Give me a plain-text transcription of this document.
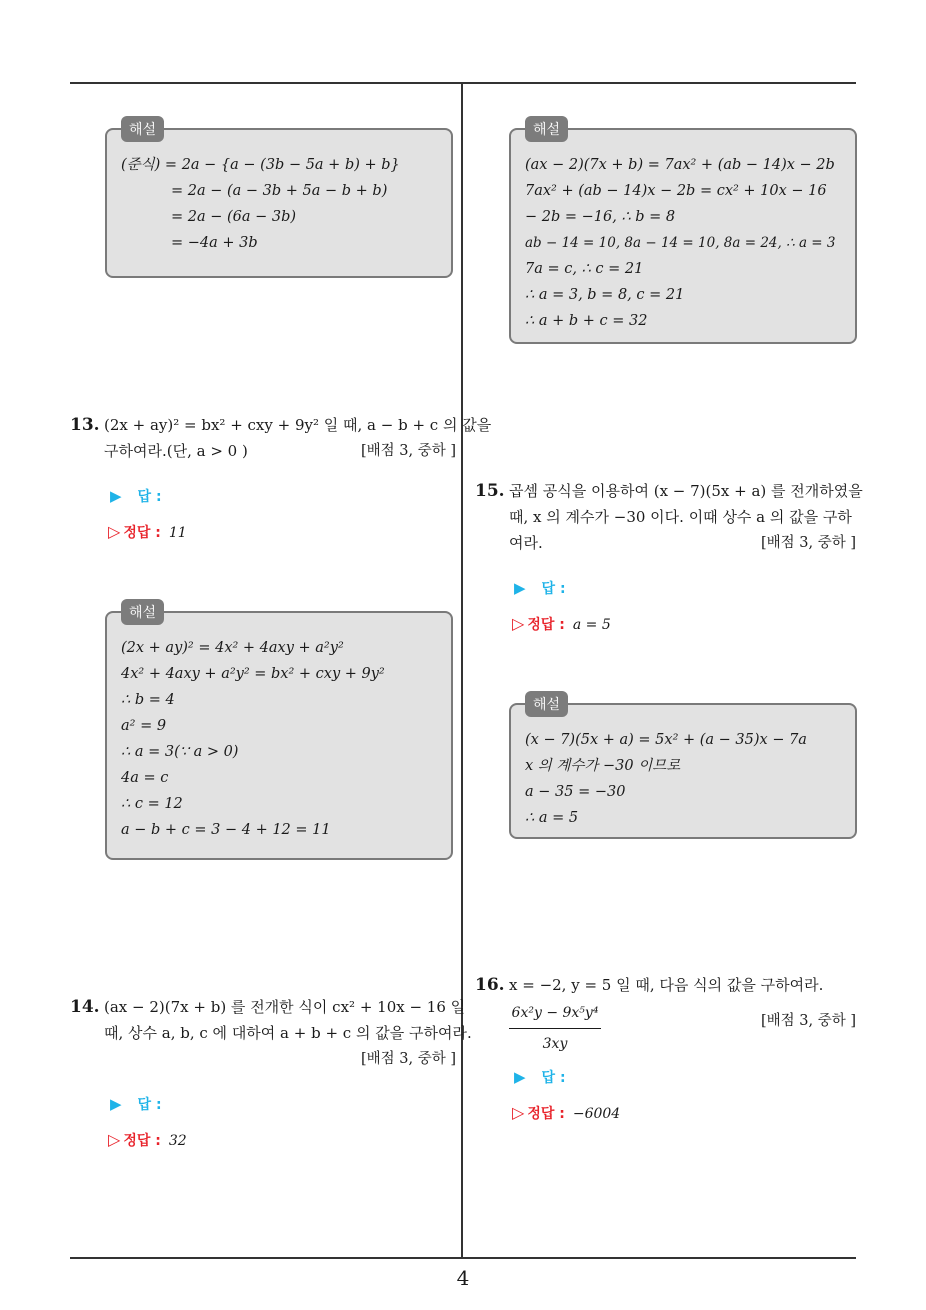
해설
(준식) = 2a − {a − (3b − 5a + b) + b}
= 2a − (a − 3b + 5a − b + b)
= 2a − (6a − 3b)
= −4a + 3b
13. (2x + ay)² = bx² + cxy + 9y² 일 때, a − b + c 의 값을
구하여라.(단, a > 0 )	[배점 3, 중하 ]
▶ 답 :
▷ 정답 : 11
해설
(2x + ay)² = 4x² + 4axy + a²y²
4x² + 4axy + a²y² = bx² + cxy + 9y²
∴ b = 4
a² = 9
∴ a = 3(∵ a > 0)
4a = c
∴ c = 12
a − b + c = 3 − 4 + 12 = 11
14. (ax − 2)(7x + b) 를 전개한 식이 cx² + 10x − 16 일
때, 상수 a, b, c 에 대하여 a + b + c 의 값을 구하여라.
[배점 3, 중하 ]
▶ 답 :
▷ 정답 : 32
해설
(ax − 2)(7x + b) = 7ax² + (ab − 14)x − 2b
7ax² + (ab − 14)x − 2b = cx² + 10x − 16
− 2b = −16, ∴ b = 8
ab − 14 = 10, 8a − 14 = 10, 8a = 24, ∴ a = 3
7a = c, ∴ c = 21
∴ a = 3, b = 8, c = 21
∴ a + b + c = 32
15. 곱셈 공식을 이용하여 (x − 7)(5x + a) 를 전개하였을
때, x 의 계수가 −30 이다. 이때 상수 a 의 값을 구하
여라.	[배점 3, 중하 ]
▶ 답 :
▷ 정답 : a = 5
해설
(x − 7)(5x + a) = 5x² + (a − 35)x − 7a
x 의 계수가 −30 이므로
a − 35 = −30
∴ a = 5
16. x = −2, y = 5 일 때, 다음 식의 값을 구하여라.
$\frac{\text{6x²y − 9x⁵y⁴}}{3xy}$	[배점 3, 중하 ]
▶ 답 :
▷ 정답 : −6004
4
